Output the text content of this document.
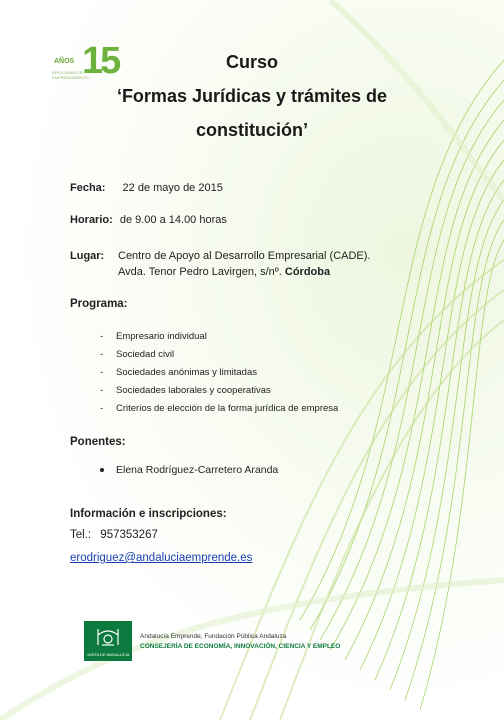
AÑOS 15
IMPULSANDO EL EMPRENDIMIENTO
Curso
‘Formas Jurídicas y trámites de
constitución’
Fecha: 22 de mayo de 2015
Horario: de 9.00 a 14.00 horas
Lugar: Centro de Apoyo al Desarrollo Empresarial (CADE).
Avda. Tenor Pedro Lavirgen, s/nº. Córdoba
Programa:
- Empresario individual
- Sociedad civil
- Sociedades anónimas y limitadas
- Sociedades laborales y cooperativas
- Criterios de elección de la forma jurídica de empresa
Ponentes:
Elena Rodríguez-Carretero Aranda
Información e inscripciones:
Tel.: 957353267
erodriguez@andaluciaemprende.es
JUNTA DE ANDALUCIA
Andalucía Emprende, Fundación Pública Andaluza
CONSEJERÍA DE ECONOMÍA, INNOVACIÓN, CIENCIA Y EMPLEO
